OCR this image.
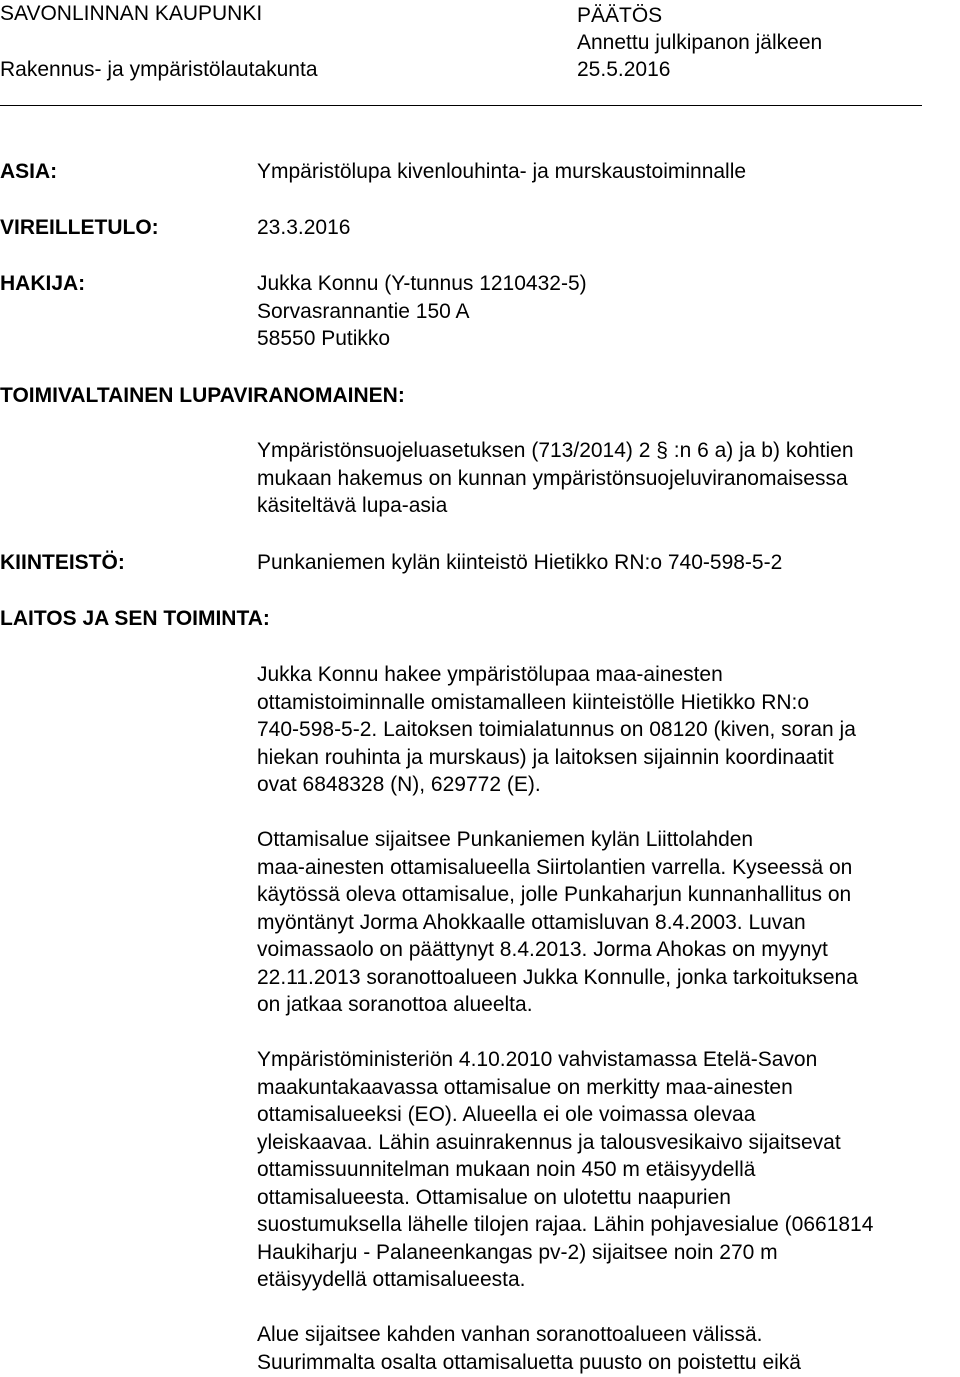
SAVONLINNAN KAUPUNKI
Rakennus- ja ympäristölautakunta
PÄÄTÖS
Annettu julkipanon jälkeen
25.5.2016
ASIA:	Ympäristölupa kivenlouhinta- ja murskaustoiminnalle
VIREILLETULO:	23.3.2016
HAKIJA:	Jukka Konnu (Y-tunnus 1210432-5)
Sorvasrannantie 150 A
58550 Putikko
TOIMIVALTAINEN LUPAVIRANOMAINEN:
Ympäristönsuojeluasetuksen (713/2014) 2 § :n 6 a) ja b) kohtien
mukaan hakemus on kunnan ympäristönsuojeluviranomaisessa
käsiteltävä lupa-asia
KIINTEISTÖ:	Punkaniemen kylän kiinteistö Hietikko RN:o 740-598-5-2
LAITOS JA SEN TOIMINTA:
Jukka Konnu hakee ympäristölupaa maa-ainesten
ottamistoiminnalle omistamalleen kiinteistölle Hietikko RN:o
740-598-5-2. Laitoksen toimialatunnus on 08120 (kiven, soran ja
hiekan rouhinta ja murskaus) ja laitoksen sijainnin koordinaatit
ovat 6848328 (N), 629772 (E).
Ottamisalue sijaitsee Punkaniemen kylän Liittolahden
maa-ainesten ottamisalueella Siirtolantien varrella. Kyseessä on
käytössä oleva ottamisalue, jolle Punkaharjun kunnanhallitus on
myöntänyt Jorma Ahokkaalle ottamisluvan 8.4.2003. Luvan
voimassaolo on päättynyt 8.4.2013. Jorma Ahokas on myynyt
22.11.2013 soranottoalueen Jukka Konnulle, jonka tarkoituksena
on jatkaa soranottoa alueelta.
Ympäristöministeriön 4.10.2010 vahvistamassa Etelä-Savon
maakuntakaavassa ottamisalue on merkitty maa-ainesten
ottamisalueeksi (EO). Alueella ei ole voimassa olevaa
yleiskaavaa. Lähin asuinrakennus ja talousvesikaivo sijaitsevat
ottamissuunnitelman mukaan noin 450 m etäisyydellä
ottamisalueesta. Ottamisalue on ulotettu naapurien
suostumuksella lähelle tilojen rajaa. Lähin pohjavesialue (0661814
Haukiharju - Palaneenkangas pv-2) sijaitsee noin 270 m
etäisyydellä ottamisalueesta.
Alue sijaitsee kahden vanhan soranottoalueen välissä.
Suurimmalta osalta ottamisaluetta puusto on poistettu eikä
